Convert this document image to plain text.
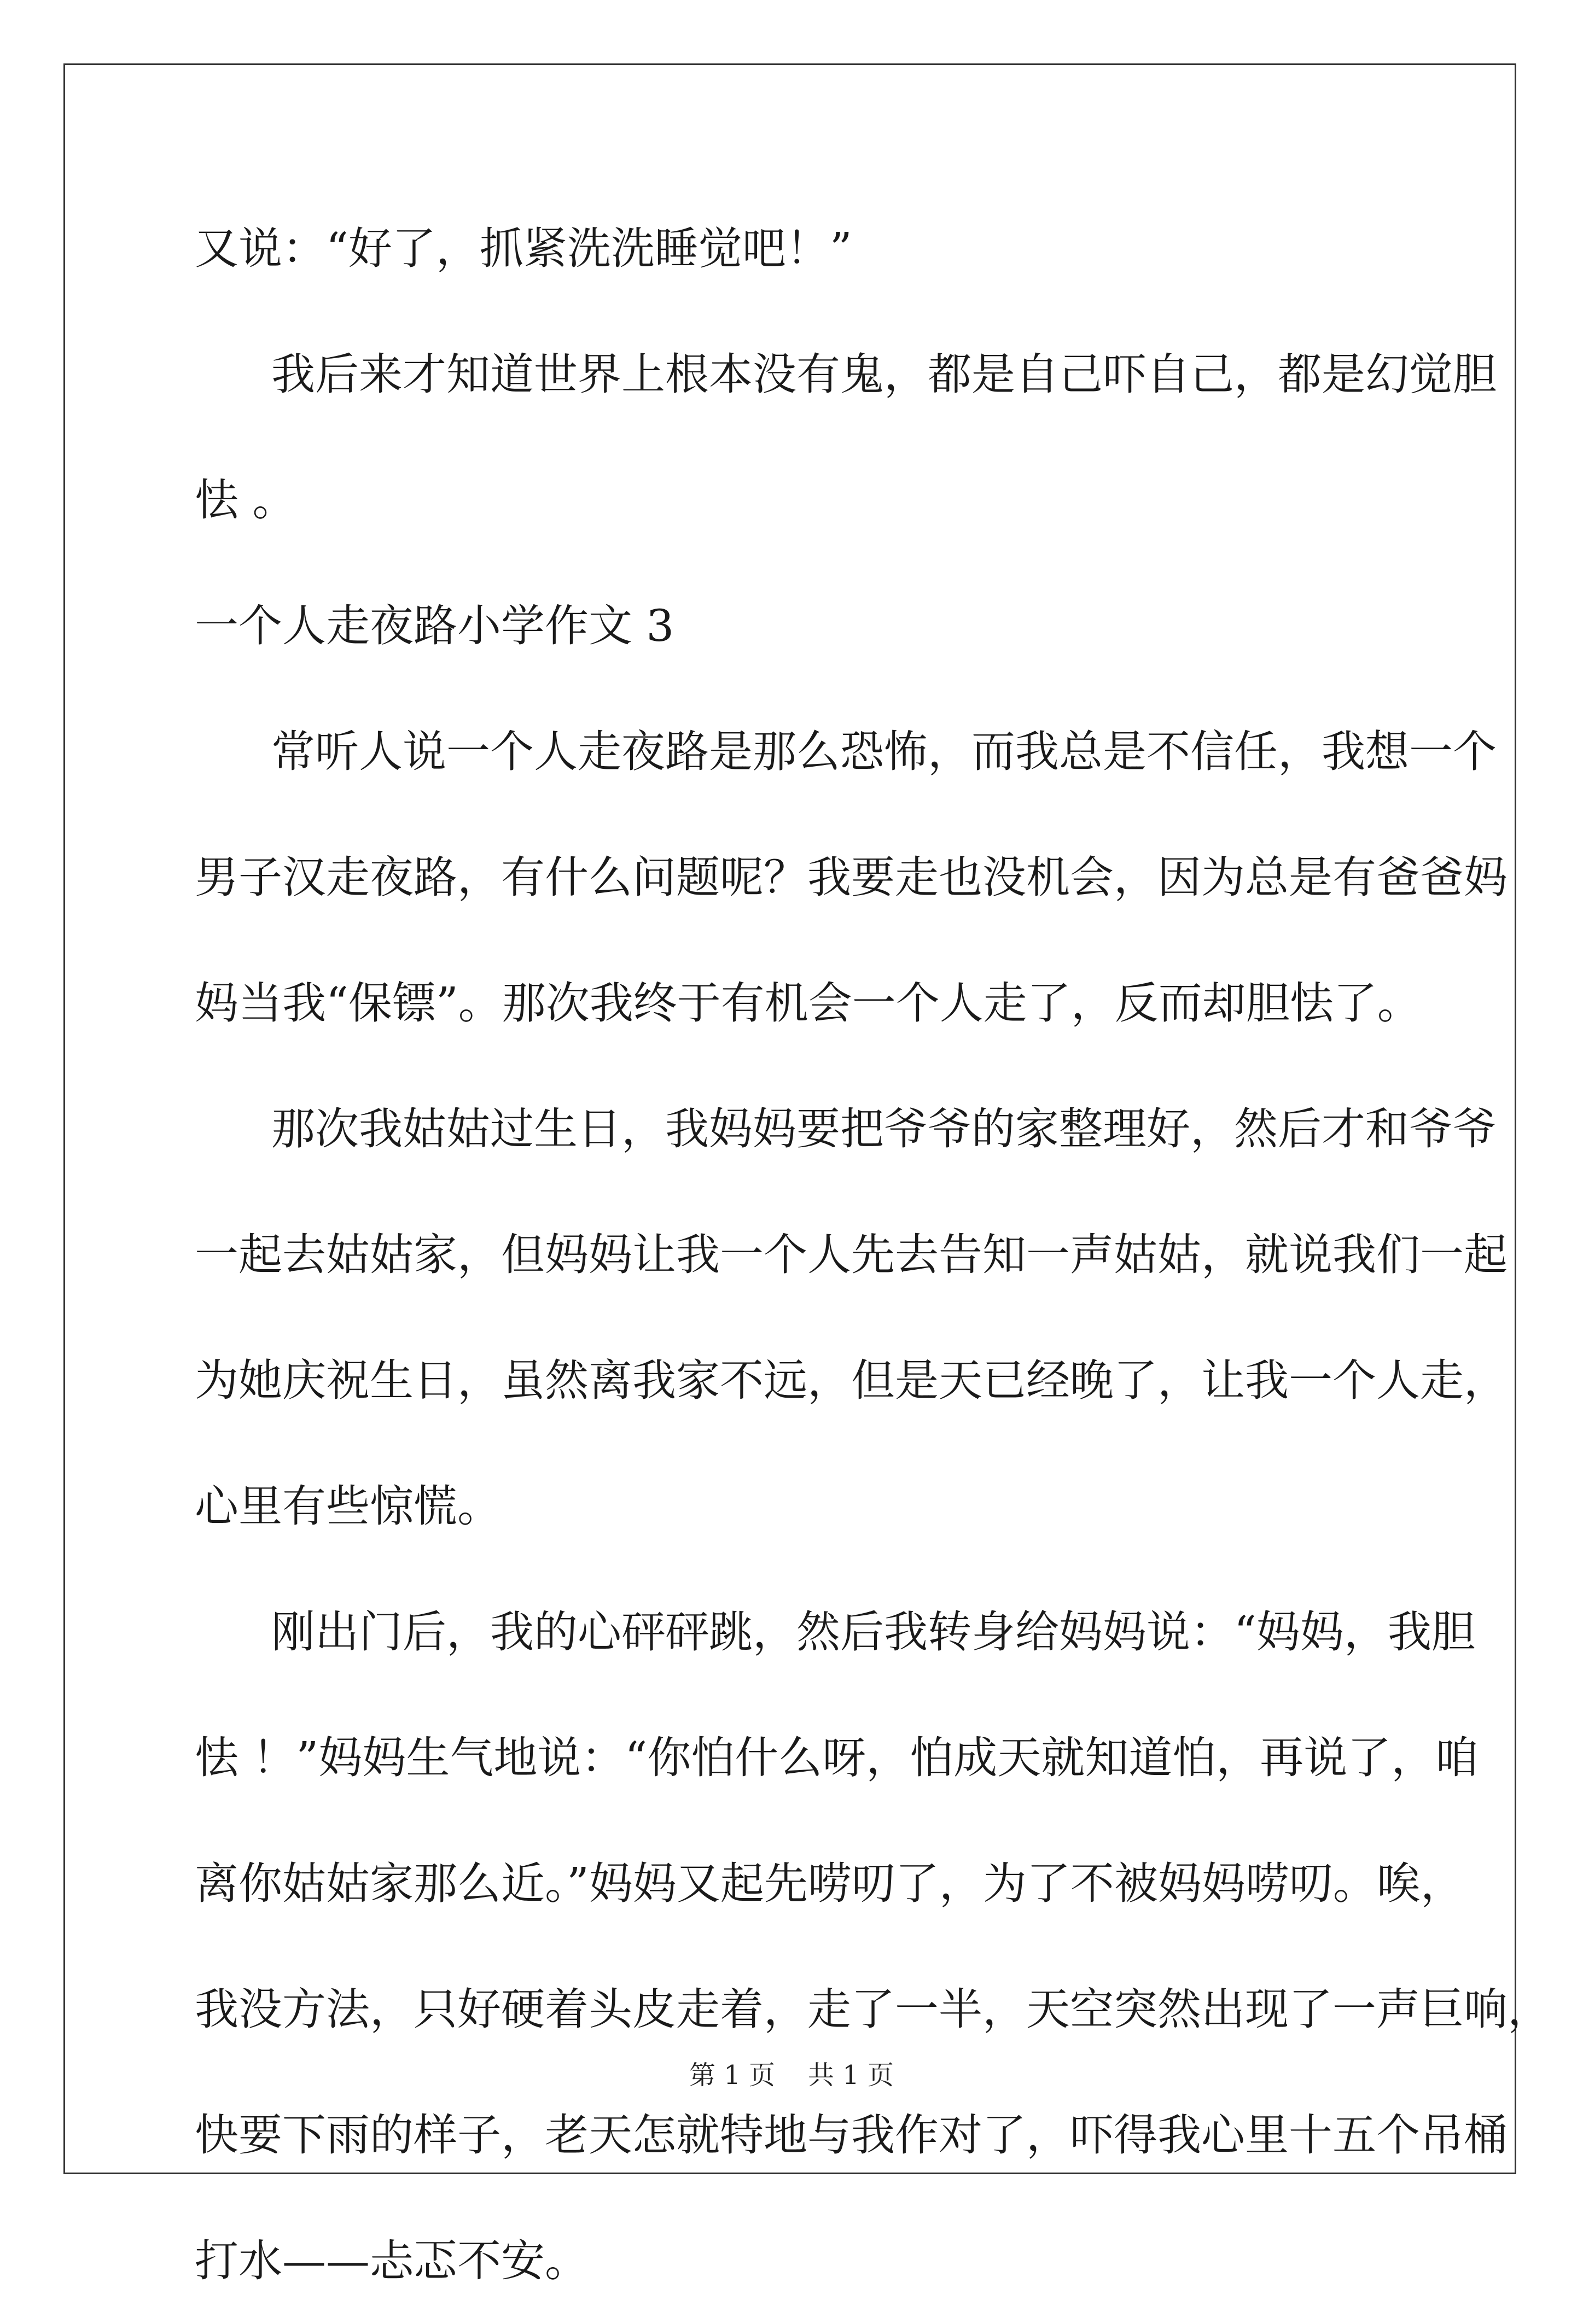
又说：“好了，抓紧洗洗睡觉吧！”
我后来才知道世界上根本没有鬼，都是自己吓自己，都是幻觉胆
怯 。
一个人走夜路小学作文 3
常听人说一个人走夜路是那么恐怖，而我总是不信任，我想一个
男子汉走夜路，有什么问题呢？我要走也没机会，因为总是有爸爸妈
妈当我“保镖”。那次我终于有机会一个人走了，反而却胆怯了。
那次我姑姑过生日，我妈妈要把爷爷的家整理好，然后才和爷爷
一起去姑姑家，但妈妈让我一个人先去告知一声姑姑，就说我们一起
为她庆祝生日，虽然离我家不远，但是天已经晚了，让我一个人走，
心里有些惊慌。
刚出门后，我的心砰砰跳，然后我转身给妈妈说：“妈妈，我胆
怯 ！”妈妈生气地说：“你怕什么呀，怕成天就知道怕，再说了，咱
离你姑姑家那么近。”妈妈又起先唠叨了，为了不被妈妈唠叨。唉，
我没方法，只好硬着头皮走着，走了一半，天空突然出现了一声巨响，
快要下雨的样子，老天怎就特地与我作对了，吓得我心里十五个吊桶
打水——忐忑不安。
第 1 页 共 1 页
